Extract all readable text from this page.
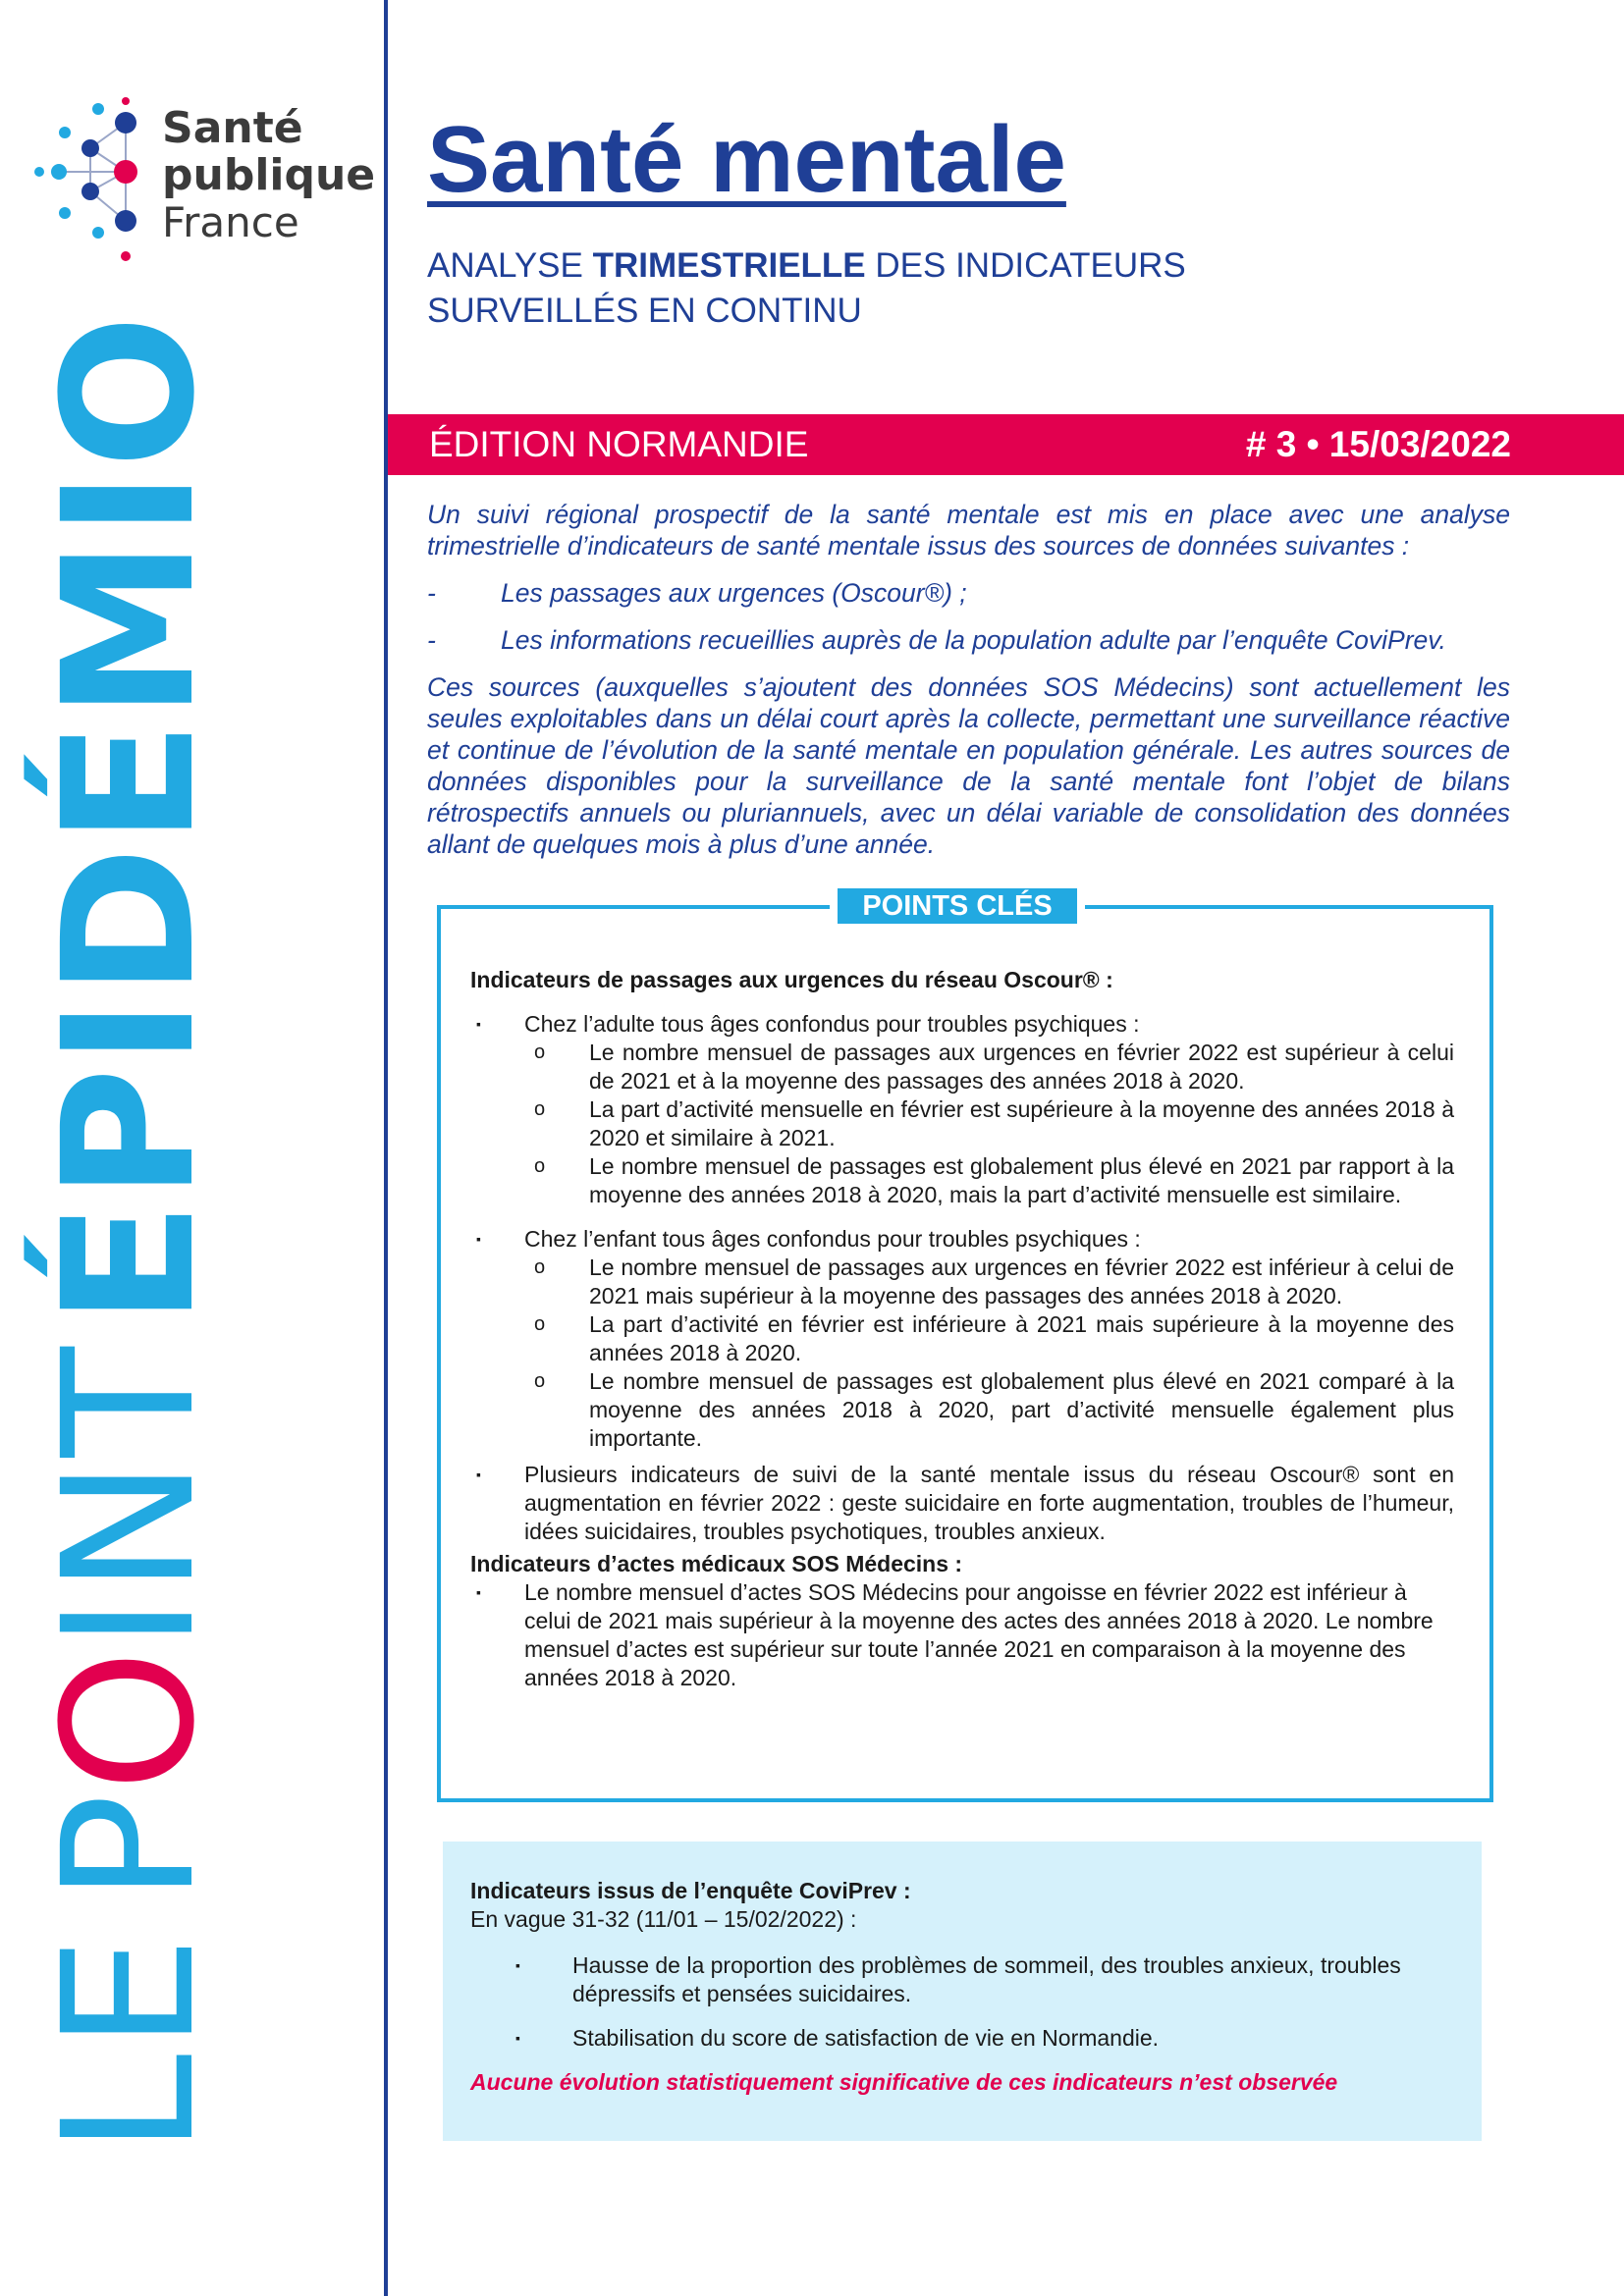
Santé
publique
France
LEPOINTÉPIDÉMIO
Santé mentale
ANALYSE TRIMESTRIELLE DES INDICATEURS
SURVEILLÉS EN CONTINU
ÉDITION NORMANDIE	# 3 • 15/03/2022

Un suivi régional prospectif de la santé mentale est mis en place avec une analyse trimestrielle d’indicateurs de santé mentale issus des sources de données suivantes :

-	Les passages aux urgences (Oscour®) ;
-	Les informations recueillies auprès de la population adulte par l’enquête CoviPrev.

Ces sources (auxquelles s’ajoutent des données SOS Médecins) sont actuellement les seules exploitables dans un délai court après la collecte, permettant une surveillance réactive et continue de l’évolution de la santé mentale en population générale. Les autres sources de données disponibles pour la surveillance de la santé mentale font l’objet de bilans rétrospectifs annuels ou pluriannuels, avec un délai variable de consolidation des données allant de quelques mois à plus d’une année.

POINTS CLÉS

Indicateurs de passages aux urgences du réseau Oscour® :

▪	Chez l’adulte tous âges confondus pour troubles psychiques :
o	Le nombre mensuel de passages aux urgences en février 2022 est supérieur à celui de 2021 et à la moyenne des passages des années 2018 à 2020.
o	La part d’activité mensuelle en février est supérieure à la moyenne des années 2018 à 2020 et similaire à 2021.
o	Le nombre mensuel de passages est globalement plus élevé en 2021 par rapport à la moyenne des années 2018 à 2020, mais la part d’activité mensuelle est similaire.
▪	Chez l’enfant tous âges confondus pour troubles psychiques :
o	Le nombre mensuel de passages aux urgences en février 2022 est inférieur à celui de 2021 mais supérieur à la moyenne des passages des années 2018 à 2020.
o	La part d’activité en février est inférieure à 2021 mais supérieure à la moyenne des années 2018 à 2020.
o	Le nombre mensuel de passages est globalement plus élevé en 2021 comparé à la moyenne des années 2018 à 2020, part d’activité mensuelle également plus importante.
▪	Plusieurs indicateurs de suivi de la santé mentale issus du réseau Oscour® sont en augmentation en février 2022 : geste suicidaire en forte augmentation, troubles de l’humeur, idées suicidaires, troubles psychotiques, troubles anxieux.

Indicateurs d’actes médicaux SOS Médecins :

▪	Le nombre mensuel d’actes SOS Médecins pour angoisse en février 2022 est inférieur à celui de 2021 mais supérieur à la moyenne des actes des années 2018 à 2020. Le nombre mensuel d’actes est supérieur sur toute l’année 2021 en comparaison à la moyenne des années 2018 à 2020.
Indicateurs issus de l’enquête CoviPrev :
En vague 31-32 (11/01 – 15/02/2022) :
▪	Hausse de la proportion des problèmes de sommeil, des troubles anxieux, troubles dépressifs et pensées suicidaires.
▪	Stabilisation du score de satisfaction de vie en Normandie.
Aucune évolution statistiquement significative de ces indicateurs n’est observée
